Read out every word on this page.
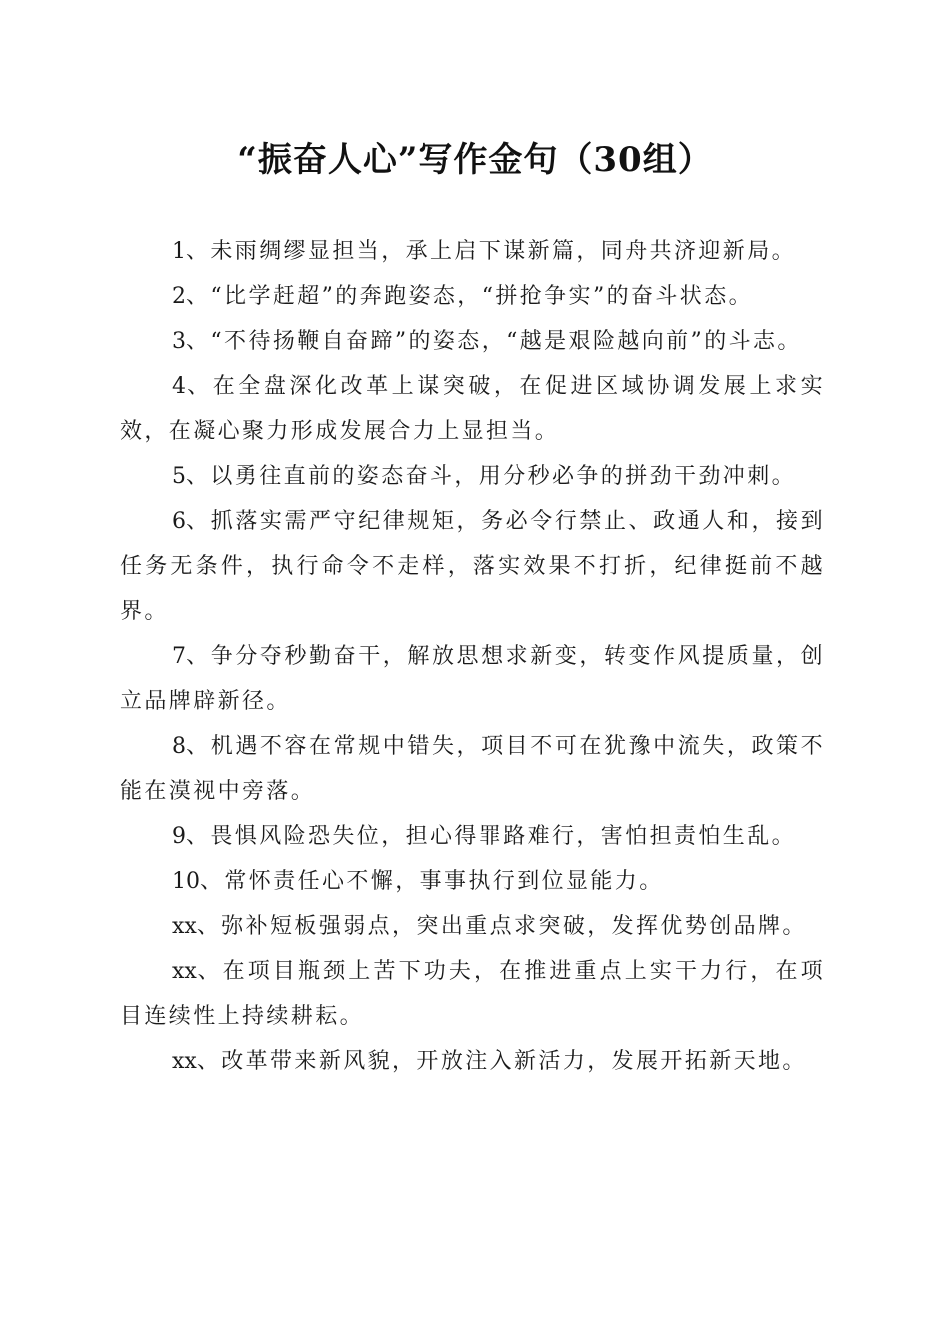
“振奋人心”写作金句（30组）

1、未雨绸缪显担当，承上启下谋新篇，同舟共济迎新局。

2、“比学赶超”的奔跑姿态，“拼抢争实”的奋斗状态。

3、“不待扬鞭自奋蹄”的姿态，“越是艰险越向前”的斗志。

4、在全盘深化改革上谋突破，在促进区域协调发展上求实效，在凝心聚力形成发展合力上显担当。

5、以勇往直前的姿态奋斗，用分秒必争的拼劲干劲冲刺。

6、抓落实需严守纪律规矩，务必令行禁止、政通人和，接到任务无条件，执行命令不走样，落实效果不打折，纪律挺前不越界。

7、争分夺秒勤奋干，解放思想求新变，转变作风提质量，创立品牌辟新径。

8、机遇不容在常规中错失，项目不可在犹豫中流失，政策不能在漠视中旁落。

9、畏惧风险恐失位，担心得罪路难行，害怕担责怕生乱。

10、常怀责任心不懈，事事执行到位显能力。

xx、弥补短板强弱点，突出重点求突破，发挥优势创品牌。

xx、在项目瓶颈上苦下功夫，在推进重点上实干力行，在项目连续性上持续耕耘。

xx、改革带来新风貌，开放注入新活力，发展开拓新天地。
